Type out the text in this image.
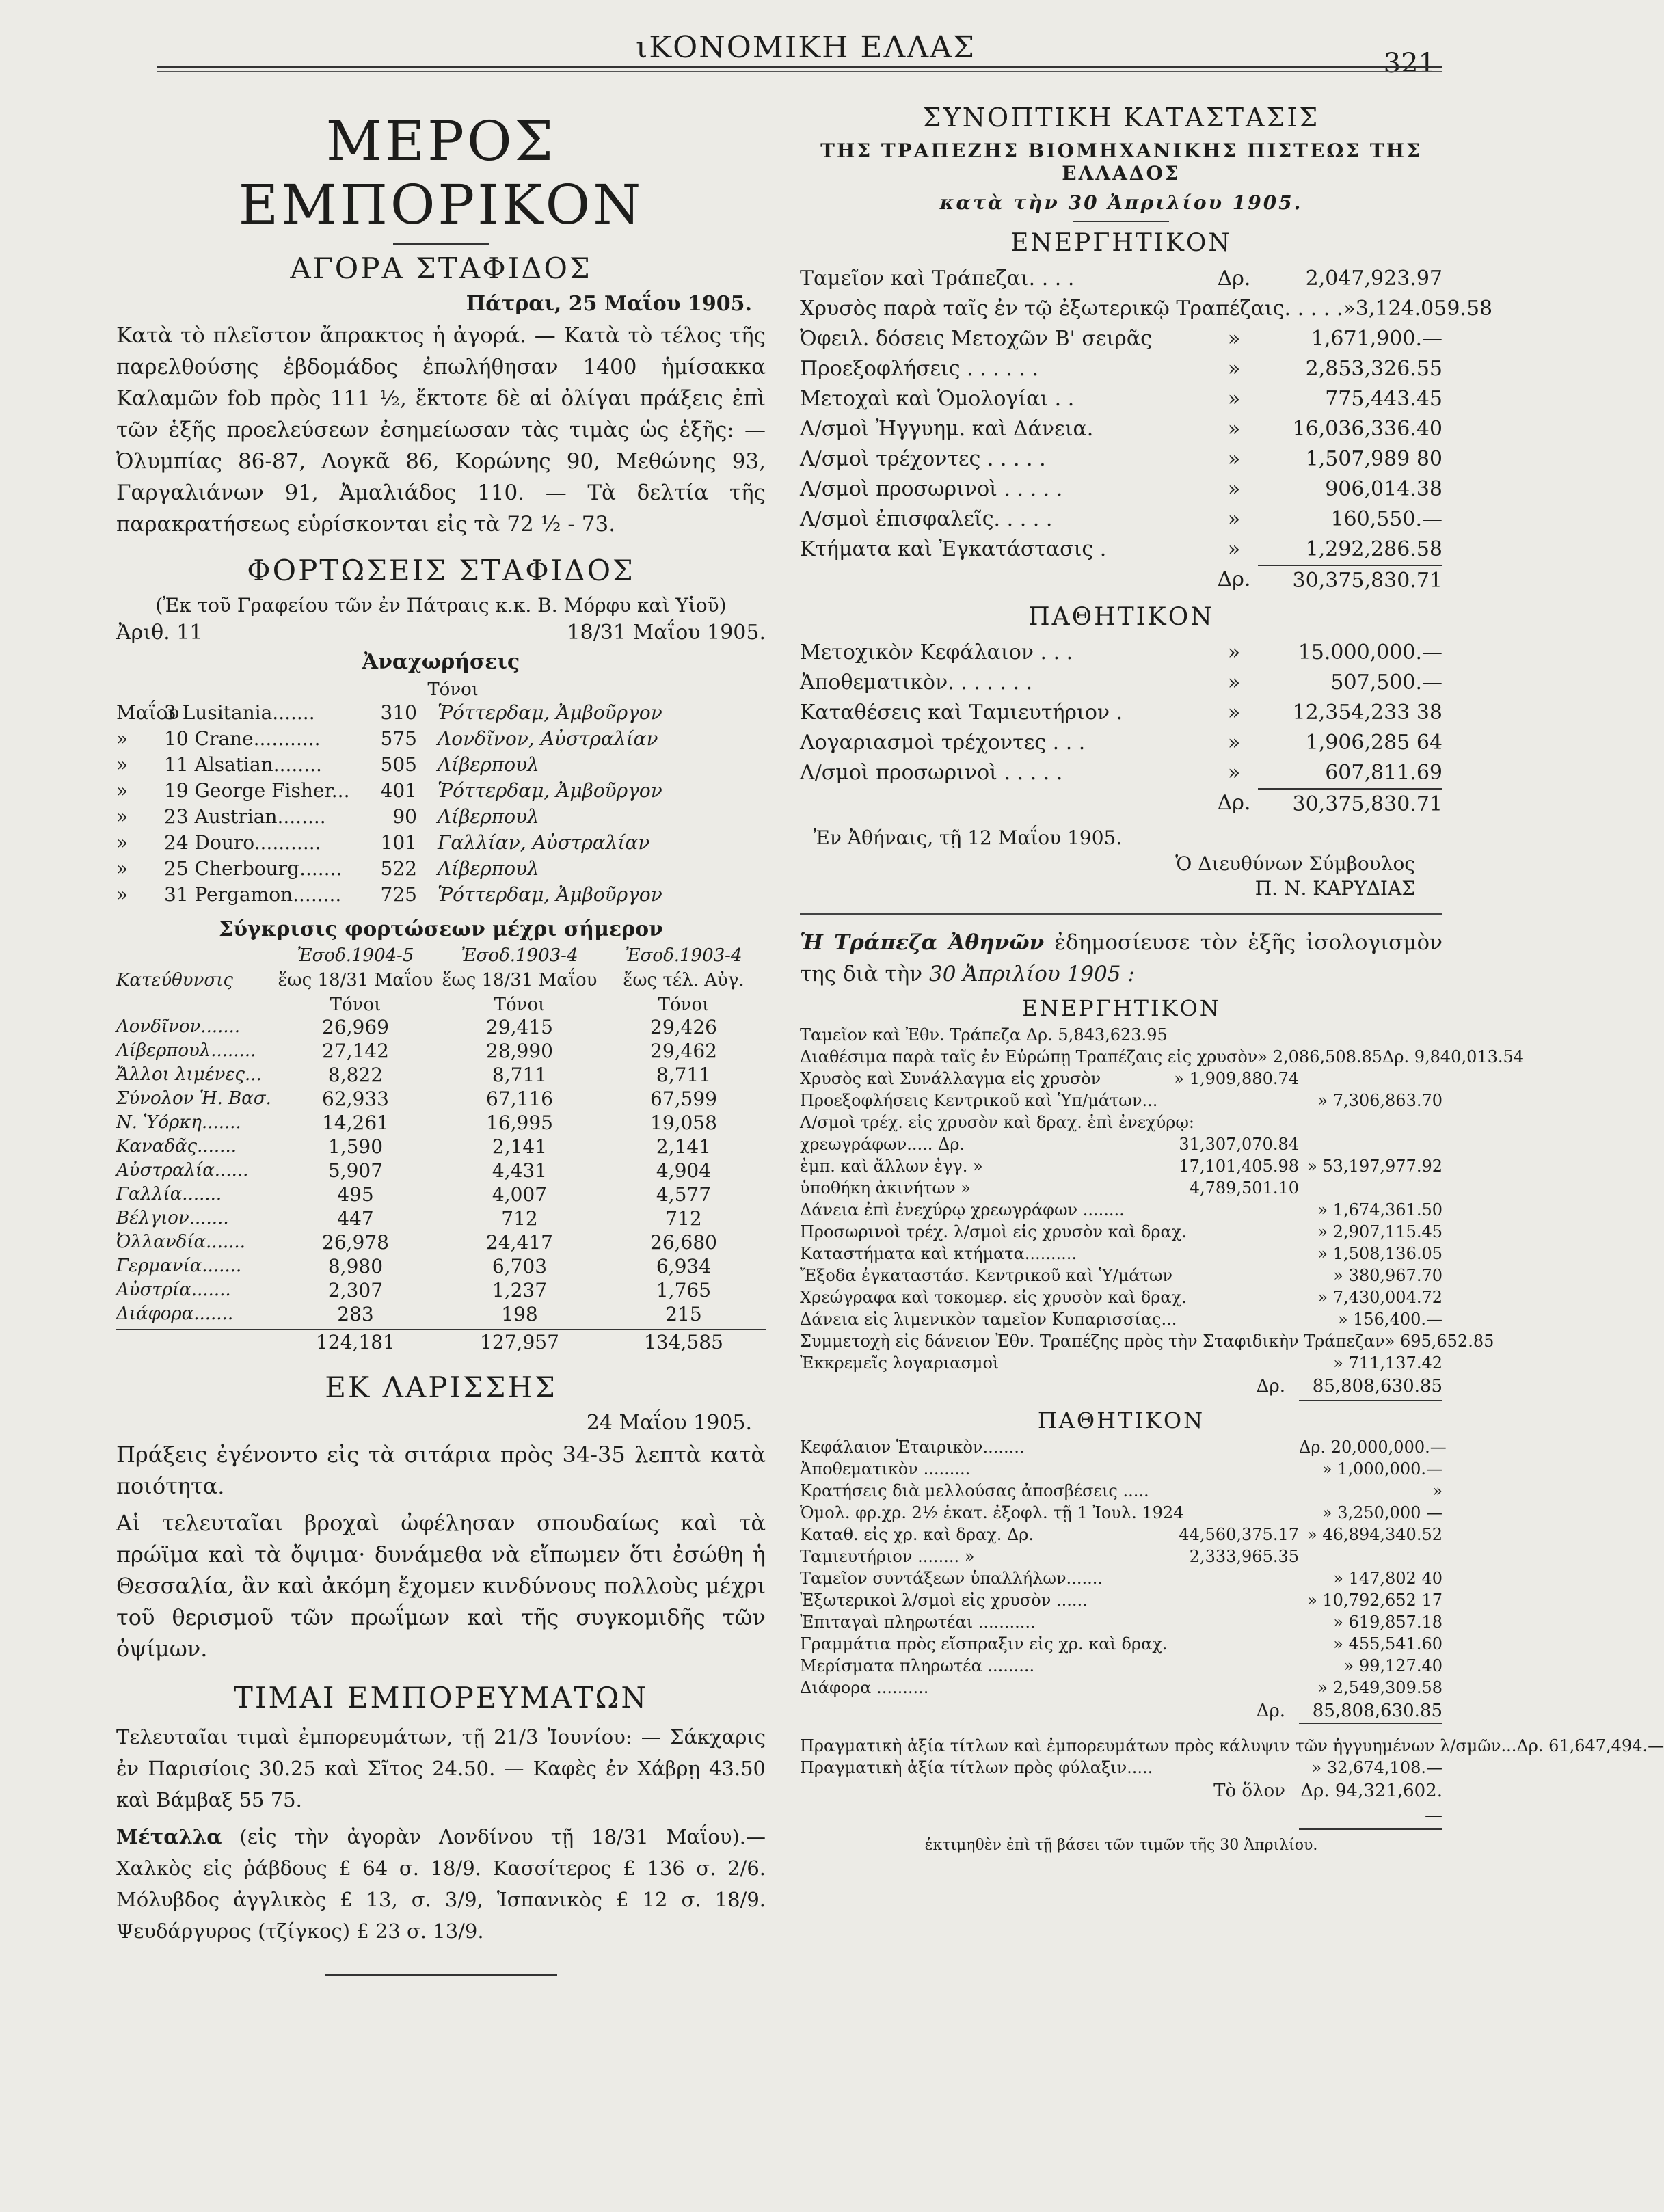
ιΚΟΝΟΜΙΚΗ ΕΛΛΑΣ	321
ΜΕΡΟΣ ΕΜΠΟΡΙΚΟΝ
ΑΓΟΡΑ ΣΤΑΦΙΔΟΣ
Πάτραι, 25 Μαΐου 1905.

Κατὰ τὸ πλεῖστον ἄπρακτος ἡ ἀγορά. — Κατὰ τὸ τέλος τῆς παρελθούσης ἑβδομάδος ἐπωλήθησαν 1400 ἡμίσακκα Καλαμῶν fob πρὸς 111 ½, ἔκτοτε δὲ αἱ ὀλίγαι πράξεις ἐπὶ τῶν ἑξῆς προελεύσεων ἐσημείωσαν τὰς τιμὰς ὡς ἑξῆς: — Ὀλυμπίας 86-87, Λογκᾶ 86, Κορώνης 90, Μεθώνης 93, Γαργαλιάνων 91, Ἀμαλιάδος 110. — Τὰ δελτία τῆς παρακρατήσεως εὑρίσκονται εἰς τὰ 72 ½ - 73.

ΦΟΡΤΩΣΕΙΣ ΣΤΑΦΙΔΟΣ
(Ἐκ τοῦ Γραφείου τῶν ἐν Πάτραις κ.κ. Β. Μόρφυ καὶ Υἱοῦ)
Ἀριθ. 11	18/31 Μαΐου 1905.
Ἀναχωρήσεις
Τόνοι
Μαΐου
3 Lusitania.......	310	Ῥόττερδαμ, Ἀμβοῦργον
»	10 Crane...........	575	Λονδῖνον, Αὐστραλίαν
»	11 Alsatian........	505	Λίβερπουλ
»	19 George Fisher...	401	Ῥόττερδαμ, Ἀμβοῦργον
»	23 Austrian........	90	Λίβερπουλ
»	24 Douro...........	101	Γαλλίαν, Αὐστραλίαν
»	25 Cherbourg.......	522	Λίβερπουλ
»	31 Pergamon........	725	Ῥόττερδαμ, Ἀμβοῦργον
Σύγκρισις φορτώσεων μέχρι σήμερον
Ἐσοδ.1904-5	Ἐσοδ.1903-4	Ἐσοδ.1903-4
Κατεύθυνσις	ἕως 18/31 Μαΐου ἕως 18/31 Μαΐου	ἕως τέλ. Αὐγ.
Τόνοι	Τόνοι	Τόνοι
Λονδῖνον.......	26,969	29,415	29,426
Λίβερπουλ........	27,142	28,990	29,462
Ἄλλοι λιμένες...	8,822	8,711	8,711
Σύνολον Ἡ. Βασ.	62,933	67,116	67,599
Ν. Ὑόρκη.......	14,261	16,995	19,058
Καναδᾶς.......	1,590	2,141	2,141
Αὐστραλία......	5,907	4,431	4,904
Γαλλία.......	495	4,007	4,577
Βέλγιον.......	447	712	712
Ὀλλανδία.......	26,978	24,417	26,680
Γερμανία.......	8,980	6,703	6,934
Αὐστρία.......	2,307	1,237	1,765
Διάφορα.......	283	198	215
124,181	127,957	134,585
ΕΚ ΛΑΡΙΣΣΗΣ
24 Μαΐου 1905.

Πράξεις ἐγένοντο εἰς τὰ σιτάρια πρὸς 34-35 λεπτὰ κατὰ ποιότητα.

Αἱ τελευταῖαι βροχαὶ ὠφέλησαν σπουδαίως καὶ τὰ πρώϊμα καὶ τὰ ὄψιμα· δυνάμεθα νὰ εἴπωμεν ὅτι ἐσώθη ἡ Θεσσαλία, ἂν καὶ ἀκόμη ἔχομεν κινδύνους πολλοὺς μέχρι τοῦ θερισμοῦ τῶν πρωΐμων καὶ τῆς συγκομιδῆς τῶν ὀψίμων.

ΤΙΜΑΙ ΕΜΠΟΡΕΥΜΑΤΩΝ

Τελευταῖαι τιμαὶ ἐμπορευμάτων, τῇ 21/3 Ἰουνίου: — Σάκχαρις ἐν Παρισίοις 30.25 καὶ Σῖτος 24.50. — Καφὲς ἐν Χάβρῃ 43.50 καὶ Βάμβαξ 55 75.

Μέταλλα (εἰς τὴν ἀγορὰν Λονδίνου τῇ 18/31 Μαΐου).— Χαλκὸς εἰς ῥάβδους £ 64 σ. 18/9. Κασσίτερος £ 136 σ. 2/6. Μόλυβδος ἀγγλικὸς £ 13, σ. 3/9, Ἱσπανικὸς £ 12 σ. 18/9. Ψευδάργυρος (τζίγκος) £ 23 σ. 13/9.

ΣΥΝΟΠΤΙΚΗ ΚΑΤΑΣΤΑΣΙΣ
ΤΗΣ ΤΡΑΠΕΖΗΣ ΒΙΟΜΗΧΑΝΙΚΗΣ ΠΙΣΤΕΩΣ ΤΗΣ ΕΛΛΑΔΟΣ
κατὰ τὴν 30 Ἀπριλίου 1905.
ΕΝΕΡΓΗΤΙΚΟΝ
Ταμεῖον καὶ Τράπεζαι. . . .	Δρ.	2,047,923.97
Χρυσὸς παρὰ ταῖς ἐν τῷ ἐξωτερικῷ Τραπέζαις. . . . . » 3,124.059.58
Ὀφειλ. δόσεις Μετοχῶν Β' σειρᾶς	»	1,671,900.—
Προεξοφλήσεις . . . . . .	»	2,853,326.55
Μετοχαὶ καὶ Ὁμολογίαι . .	»	775,443.45
Λ/σμοὶ Ἠγγυημ. καὶ Δάνεια.	»	16,036,336.40
Λ/σμοὶ τρέχοντες . . . . .	»	1,507,989 80
Λ/σμοὶ προσωρινοὶ . . . . .	»	906,014.38
Λ/σμοὶ ἐπισφαλεῖς. . . . .	»	160,550.—
Κτήματα καὶ Ἐγκατάστασις .	»	1,292,286.58
Δρ.	30,375,830.71
ΠΑΘΗΤΙΚΟΝ
Μετοχικὸν Κεφάλαιον . . .	»	15.000,000.—
Ἀποθεματικὸν. . . . . . .	»	507,500.—
Καταθέσεις καὶ Ταμιευτήριον .	»	12,354,233 38
Λογαριασμοὶ τρέχοντες . . .	»	1,906,285 64
Λ/σμοὶ προσωρινοὶ . . . . .	»	607,811.69
Δρ.	30,375,830.71
Ἐν Ἀθήναις, τῇ 12 Μαΐου 1905.
Ὁ Διευθύνων Σύμβουλος
Π. Ν. ΚΑΡΥΔΙΑΣ

Ἡ Τράπεζα Ἀθηνῶν ἐδημοσίευσε τὸν ἑξῆς ἰσολογισμὸν της διὰ τὴν 30 Ἀπριλίου 1905 :

ΕΝΕΡΓΗΤΙΚΟΝ
Ταμεῖον καὶ Ἐθν. Τράπεζα Δρ. 5,843,623.95
Διαθέσιμα παρὰ ταῖς ἐν Εὐρώπῃ Τραπέζαις εἰς χρυσὸν » 2,086,508.85 Δρ. 9,840,013.54
Χρυσὸς καὶ Συνάλλαγμα εἰς χρυσὸν	» 1,909,880.74
Προεξοφλήσεις Κεντρικοῦ καὶ Ὑπ/μάτων...	» 7,306,863.70
Λ/σμοὶ τρέχ. εἰς χρυσὸν καὶ δραχ. ἐπὶ ἐνεχύρῳ:
χρεωγράφων..... Δρ.	31,307,070.84
ἐμπ. καὶ ἄλλων ἐγγ. »	17,101,405.98 » 53,197,977.92
ὑποθήκη ἀκινήτων »	4,789,501.10
Δάνεια ἐπὶ ἐνεχύρῳ χρεωγράφων ........	» 1,674,361.50
Προσωρινοὶ τρέχ. λ/σμοὶ εἰς χρυσὸν καὶ δραχ.	» 2,907,115.45
Καταστήματα καὶ κτήματα..........	» 1,508,136.05
Ἔξοδα ἐγκαταστάσ. Κεντρικοῦ καὶ Ὑ/μάτων	» 380,967.70
Χρεώγραφα καὶ τοκομερ. εἰς χρυσὸν καὶ δραχ.	» 7,430,004.72
Δάνεια εἰς λιμενικὸν ταμεῖον Κυπαρισσίας...	» 156,400.—
Συμμετοχὴ εἰς δάνειον Ἐθν. Τραπέζης πρὸς τὴν Σταφιδικὴν Τράπεζαν » 695,652.85
Ἐκκρεμεῖς λογαριασμοὶ	» 711,137.42
Δρ.	85,808,630.85
ΠΑΘΗΤΙΚΟΝ
Κεφάλαιον Ἑταιρικὸν........	Δρ. 20,000,000.—
Ἀποθεματικὸν .........	» 1,000,000.—
Κρατήσεις διὰ μελλούσας ἀποσβέσεις .....	»
Ὁμολ. φρ.χρ. 2½ ἑκατ. ἐξοφλ. τῇ 1 Ἰουλ. 1924	» 3,250,000 —
Καταθ. εἰς χρ. καὶ δραχ. Δρ.	44,560,375.17 » 46,894,340.52
Ταμιευτήριον ........ »	2,333,965.35
Ταμεῖον συντάξεων ὑπαλλήλων.......	» 147,802 40
Ἐξωτερικοὶ λ/σμοὶ εἰς χρυσὸν ......	» 10,792,652 17
Ἐπιταγαὶ πληρωτέαι ...........	» 619,857.18
Γραμμάτια πρὸς εἴσπραξιν εἰς χρ. καὶ δραχ.	» 455,541.60
Μερίσματα πληρωτέα .........	» 99,127.40
Διάφορα ..........	» 2,549,309.58
Δρ.	85,808,630.85
Πραγματικὴ ἀξία τίτλων καὶ ἐμπορευμάτων πρὸς κάλυψιν τῶν ἠγγυημένων λ/σμῶν... Δρ. 61,647,494.—
Πραγματικὴ ἀξία τίτλων πρὸς φύλαξιν.....	» 32,674,108.—
Τὸ ὅλον Δρ. 94,321,602.—
ἐκτιμηθὲν ἐπὶ τῇ βάσει τῶν τιμῶν τῆς 30 Ἀπριλίου.
